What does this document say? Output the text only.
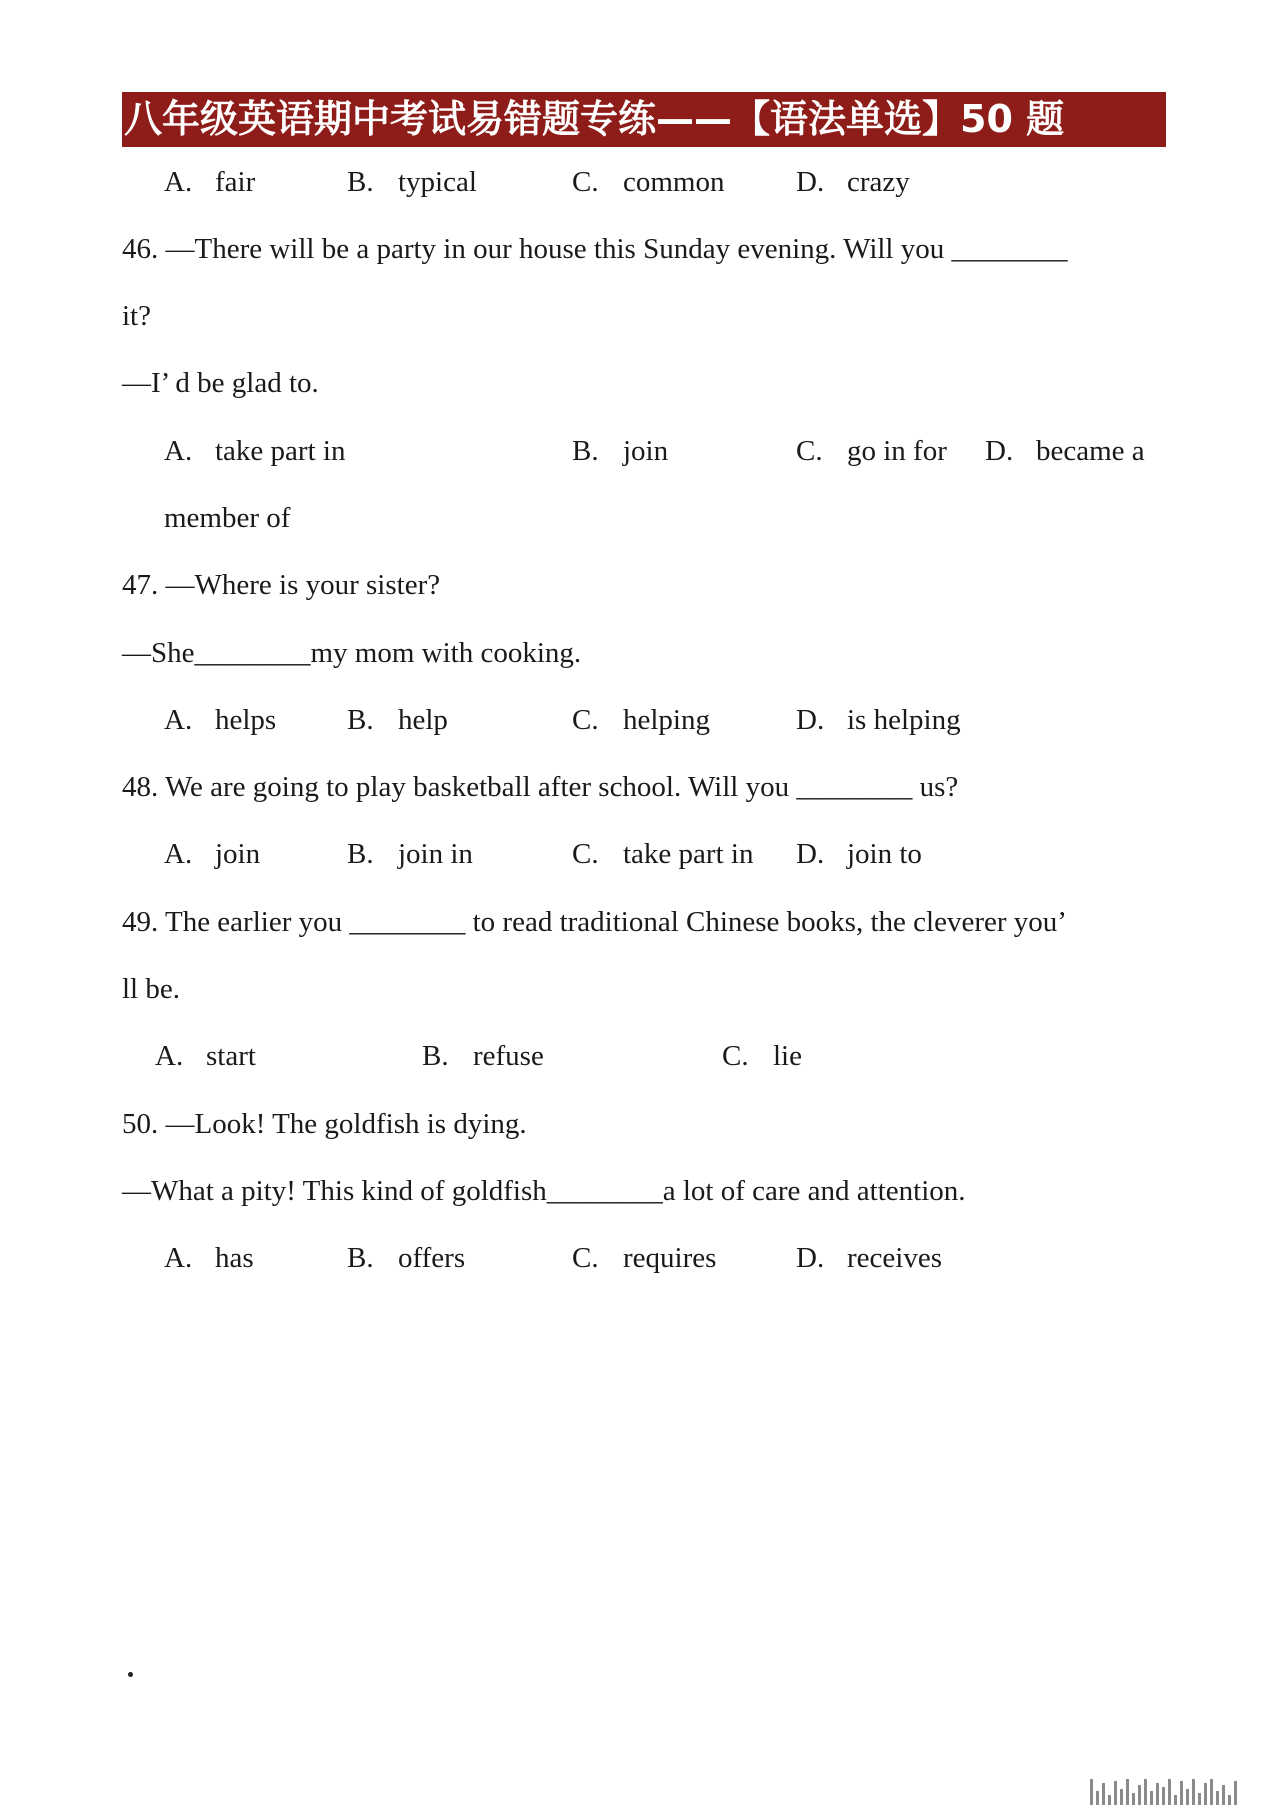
八年级英语期中考试易错题专练——【语法单选】50 题
A. fair	B. typical	C. common D. crazy
46. —There will be a party in our house this Sunday evening. Will you ________
it?
—I’ d be glad to.
A. take part in	B. join	C. go in for D. became a
member of
47. —Where is your sister?
—She________my mom with cooking.
A. helps B. help	C. helping	D. is helping
48. We are going to play basketball after school. Will you ________ us?
A. join	B. join in	C. take part in D. join to
49. The earlier you ________ to read traditional Chinese books, the cleverer you’
ll be.
A. start	B. refuse	C. lie
50. —Look! The goldfish is dying.
—What a pity! This kind of goldfish________a lot of care and attention.
A. has	B. offers	C. requires	D. receives
